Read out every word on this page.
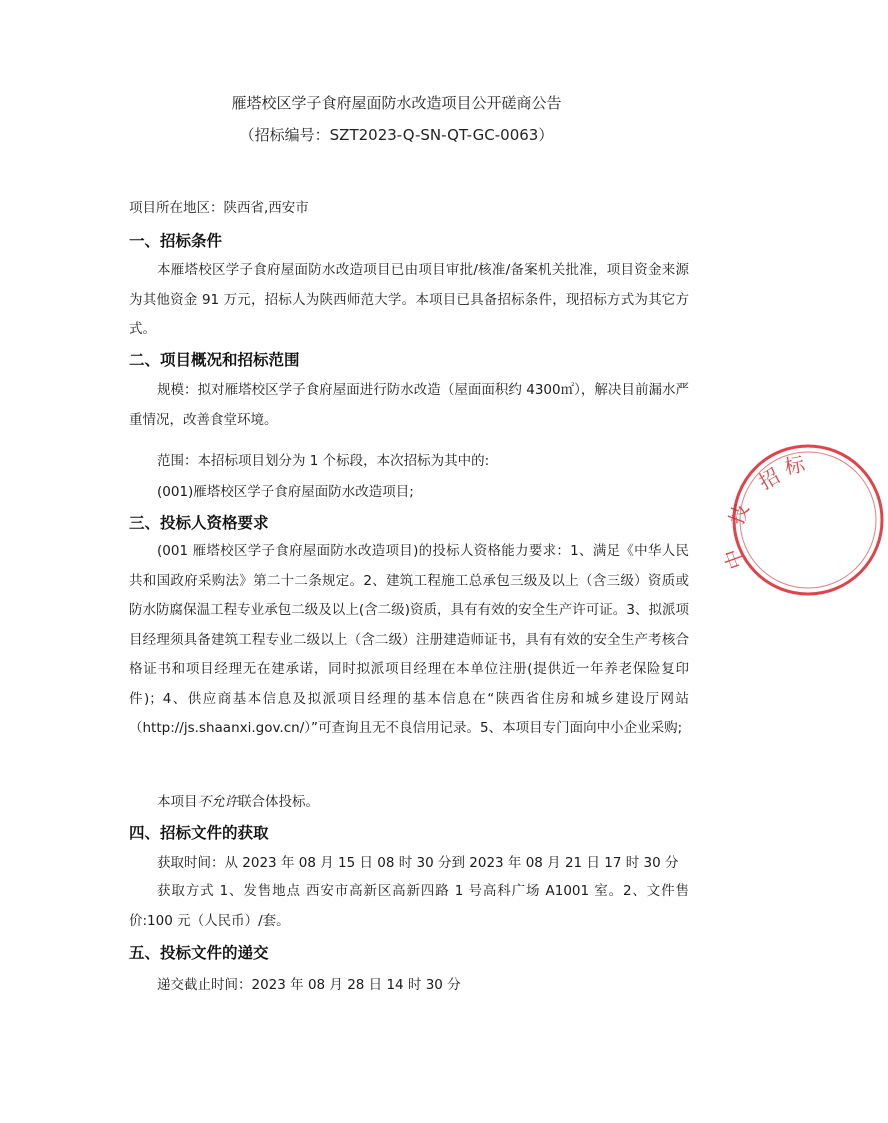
雁塔校区学子食府屋面防水改造项目公开磋商公告
（招标编号：SZT2023-Q-SN-QT-GC-0063）
项目所在地区：陕西省,西安市
一、招标条件

本雁塔校区学子食府屋面防水改造项目已由项目审批/核准/备案机关批准，项目资金来源为其他资金 91 万元，招标人为陕西师范大学。本项目已具备招标条件，现招标方式为其它方式。

二、项目概况和招标范围

规模：拟对雁塔校区学子食府屋面进行防水改造（屋面面积约 4300㎡），解决目前漏水严重情况，改善食堂环境。

范围：本招标项目划分为 1 个标段，本次招标为其中的:

(001)雁塔校区学子食府屋面防水改造项目;

三、投标人资格要求

(001 雁塔校区学子食府屋面防水改造项目)的投标人资格能力要求：1、满足《中华人民共和国政府采购法》第二十二条规定。2、建筑工程施工总承包三级及以上（含三级）资质或防水防腐保温工程专业承包二级及以上(含二级)资质，具有有效的安全生产许可证。3、拟派项目经理须具备建筑工程专业二级以上（含二级）注册建造师证书，具有有效的安全生产考核合格证书和项目经理无在建承诺，同时拟派项目经理在本单位注册(提供近一年养老保险复印件)；4、供应商基本信息及拟派项目经理的基本信息在“陕西省住房和城乡建设厅网站（http://js.shaanxi.gov.cn/）”可查询且无不良信用记录。5、本项目专门面向中小企业采购;

本项目不允许联合体投标。

四、招标文件的获取

获取时间：从 2023 年 08 月 15 日 08 时 30 分到 2023 年 08 月 21 日 17 时 30 分

获取方式 1、发售地点 西安市高新区高新四路 1 号高科广场 A1001 室。2、文件售价:100 元（人民币）/套。

五、投标文件的递交

递交截止时间：2023 年 08 月 28 日 14 时 30 分

招
标
技
中
